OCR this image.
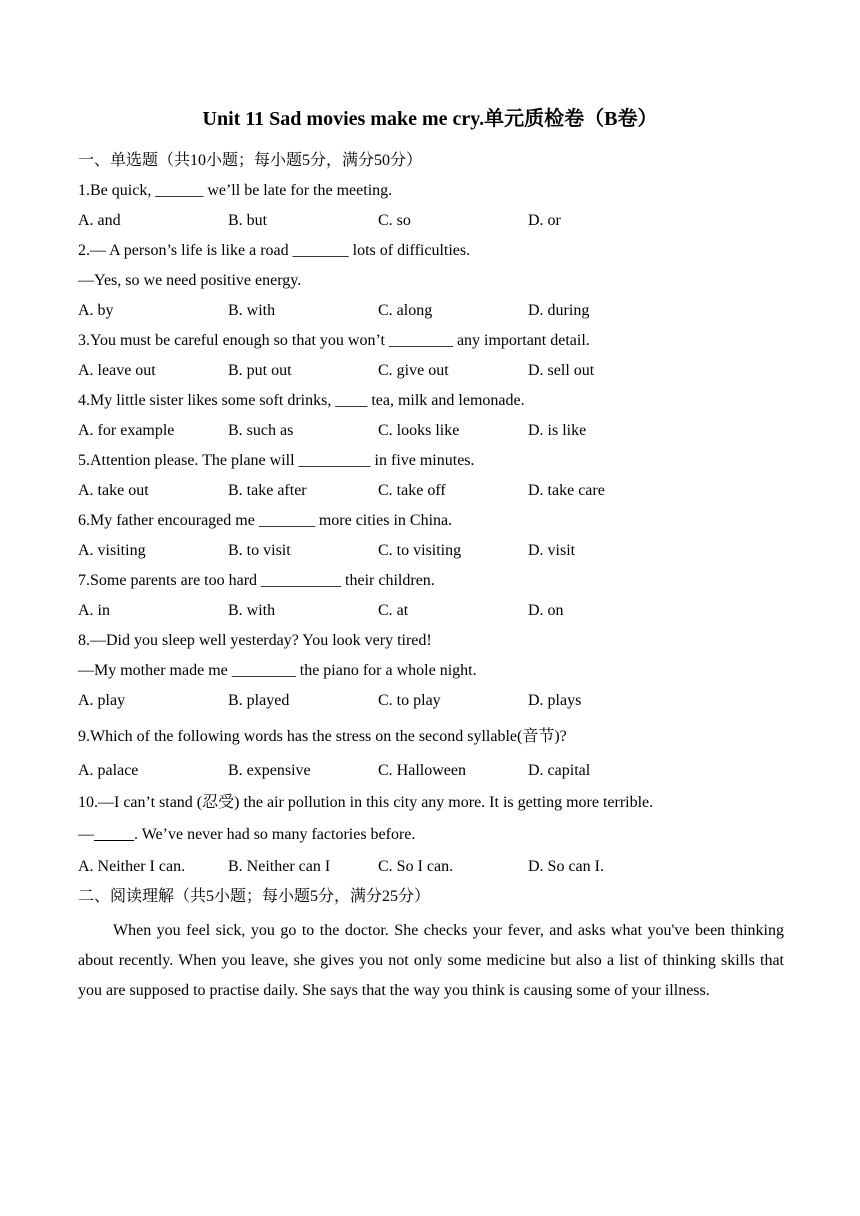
Unit 11 Sad movies make me cry.单元质检卷（B卷）
一、单选题（共10小题；每小题5分，满分50分）
1.Be quick, ______ we’ll be late for the meeting.
A. and	B. but	C. so	D. or
2.— A person’s life is like a road _______ lots of difficulties.
—Yes, so we need positive energy.
A. by	B. with	C. along	D. during
3.You must be careful enough so that you won’t ________ any important detail.
A. leave out	B. put out	C. give out	D. sell out
4.My little sister likes some soft drinks, ____ tea, milk and lemonade.
A. for example	B. such as	C. looks like	D. is like
5.Attention please. The plane will _________ in five minutes.
A. take out	B. take after	C. take off	D. take care
6.My father encouraged me _______ more cities in China.
A. visiting	B. to visit	C. to visiting	D. visit
7.Some parents are too hard __________ their children.
A. in	B. with	C. at	D. on
8.—Did you sleep well yesterday? You look very tired!
—My mother made me ________ the piano for a whole night.
A. play	B. played	C. to play	D. plays
9.Which of the following words has the stress on the second syllable(音节)?
A. palace	B. expensive	C. Halloween	D. capital
10.—I can’t stand (忍受) the air pollution in this city any more. It is getting more terrible.
—_____. We’ve never had so many factories before.
A. Neither I can.	B. Neither can I	C. So I can.	D. So can I.
二、阅读理解（共5小题；每小题5分，满分25分）
When you feel sick, you go to the doctor. She checks your fever, and asks what you've been thinking about recently. When you leave, she gives you not only some medicine but also a list of thinking skills that you are supposed to practise daily. She says that the way you think is causing some of your illness.
